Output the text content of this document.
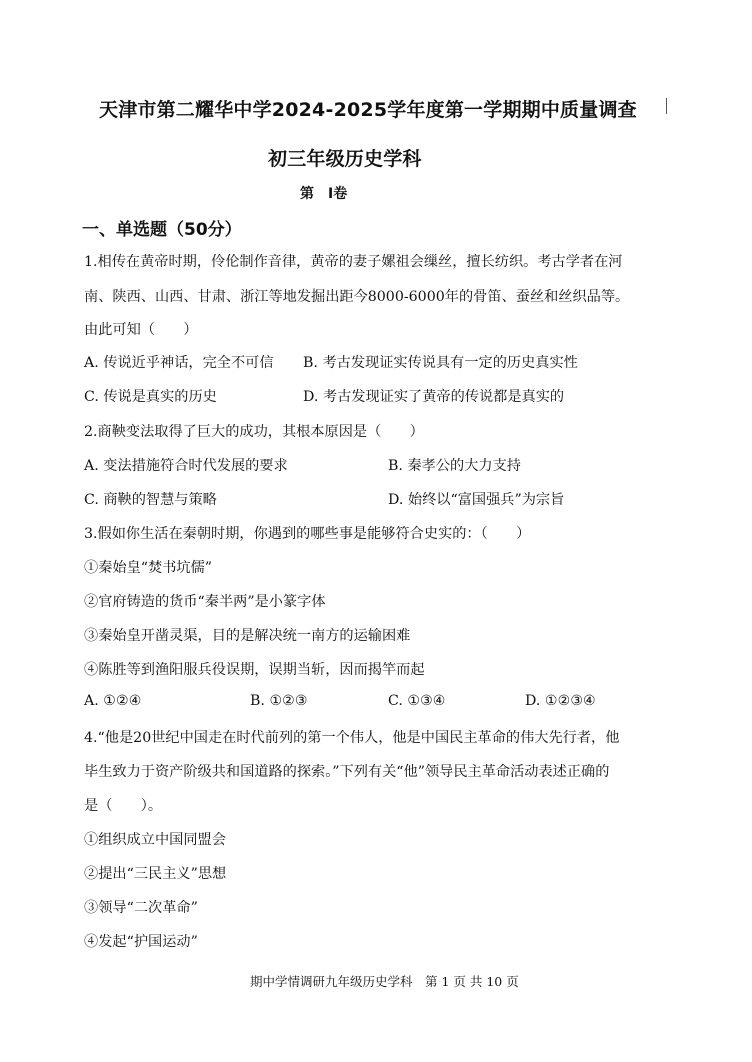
天津市第二耀华中学2024-2025学年度第一学期期中质量调查
初三年级历史学科
第　Ⅰ卷
一、单选题（50分）
1.相传在黄帝时期，伶伦制作音律，黄帝的妻子嫘祖会缫丝，擅长纺织。考古学者在河
南、陕西、山西、甘肃、浙江等地发掘出距今8000-6000年的骨笛、蚕丝和丝织品等。
由此可知（　　）
A. 传说近乎神话，完全不可信 B. 考古发现证实传说具有一定的历史真实性
C. 传说是真实的历史	D. 考古发现证实了黄帝的传说都是真实的
2.商鞅变法取得了巨大的成功，其根本原因是（　　）
A. 变法措施符合时代发展的要求	B. 秦孝公的大力支持
C. 商鞅的智慧与策略	D. 始终以“富国强兵”为宗旨
3.假如你生活在秦朝时期，你遇到的哪些事是能够符合史实的：（　　）
①秦始皇“焚书坑儒”
②官府铸造的货币“秦半两”是小篆字体
③秦始皇开凿灵渠，目的是解决统一南方的运输困难
④陈胜等到渔阳服兵役误期，误期当斩，因而揭竿而起
A. ①②④	B. ①②③	C. ①③④	D. ①②③④
4.“他是20世纪中国走在时代前列的第一个伟人，他是中国民主革命的伟大先行者，他
毕生致力于资产阶级共和国道路的探索。”下列有关“他”领导民主革命活动表述正确的
是（　　）。
①组织成立中国同盟会
②提出“三民主义”思想
③领导“二次革命”
④发起“护国运动”
期中学情调研九年级历史学科　第 1 页 共 10 页
